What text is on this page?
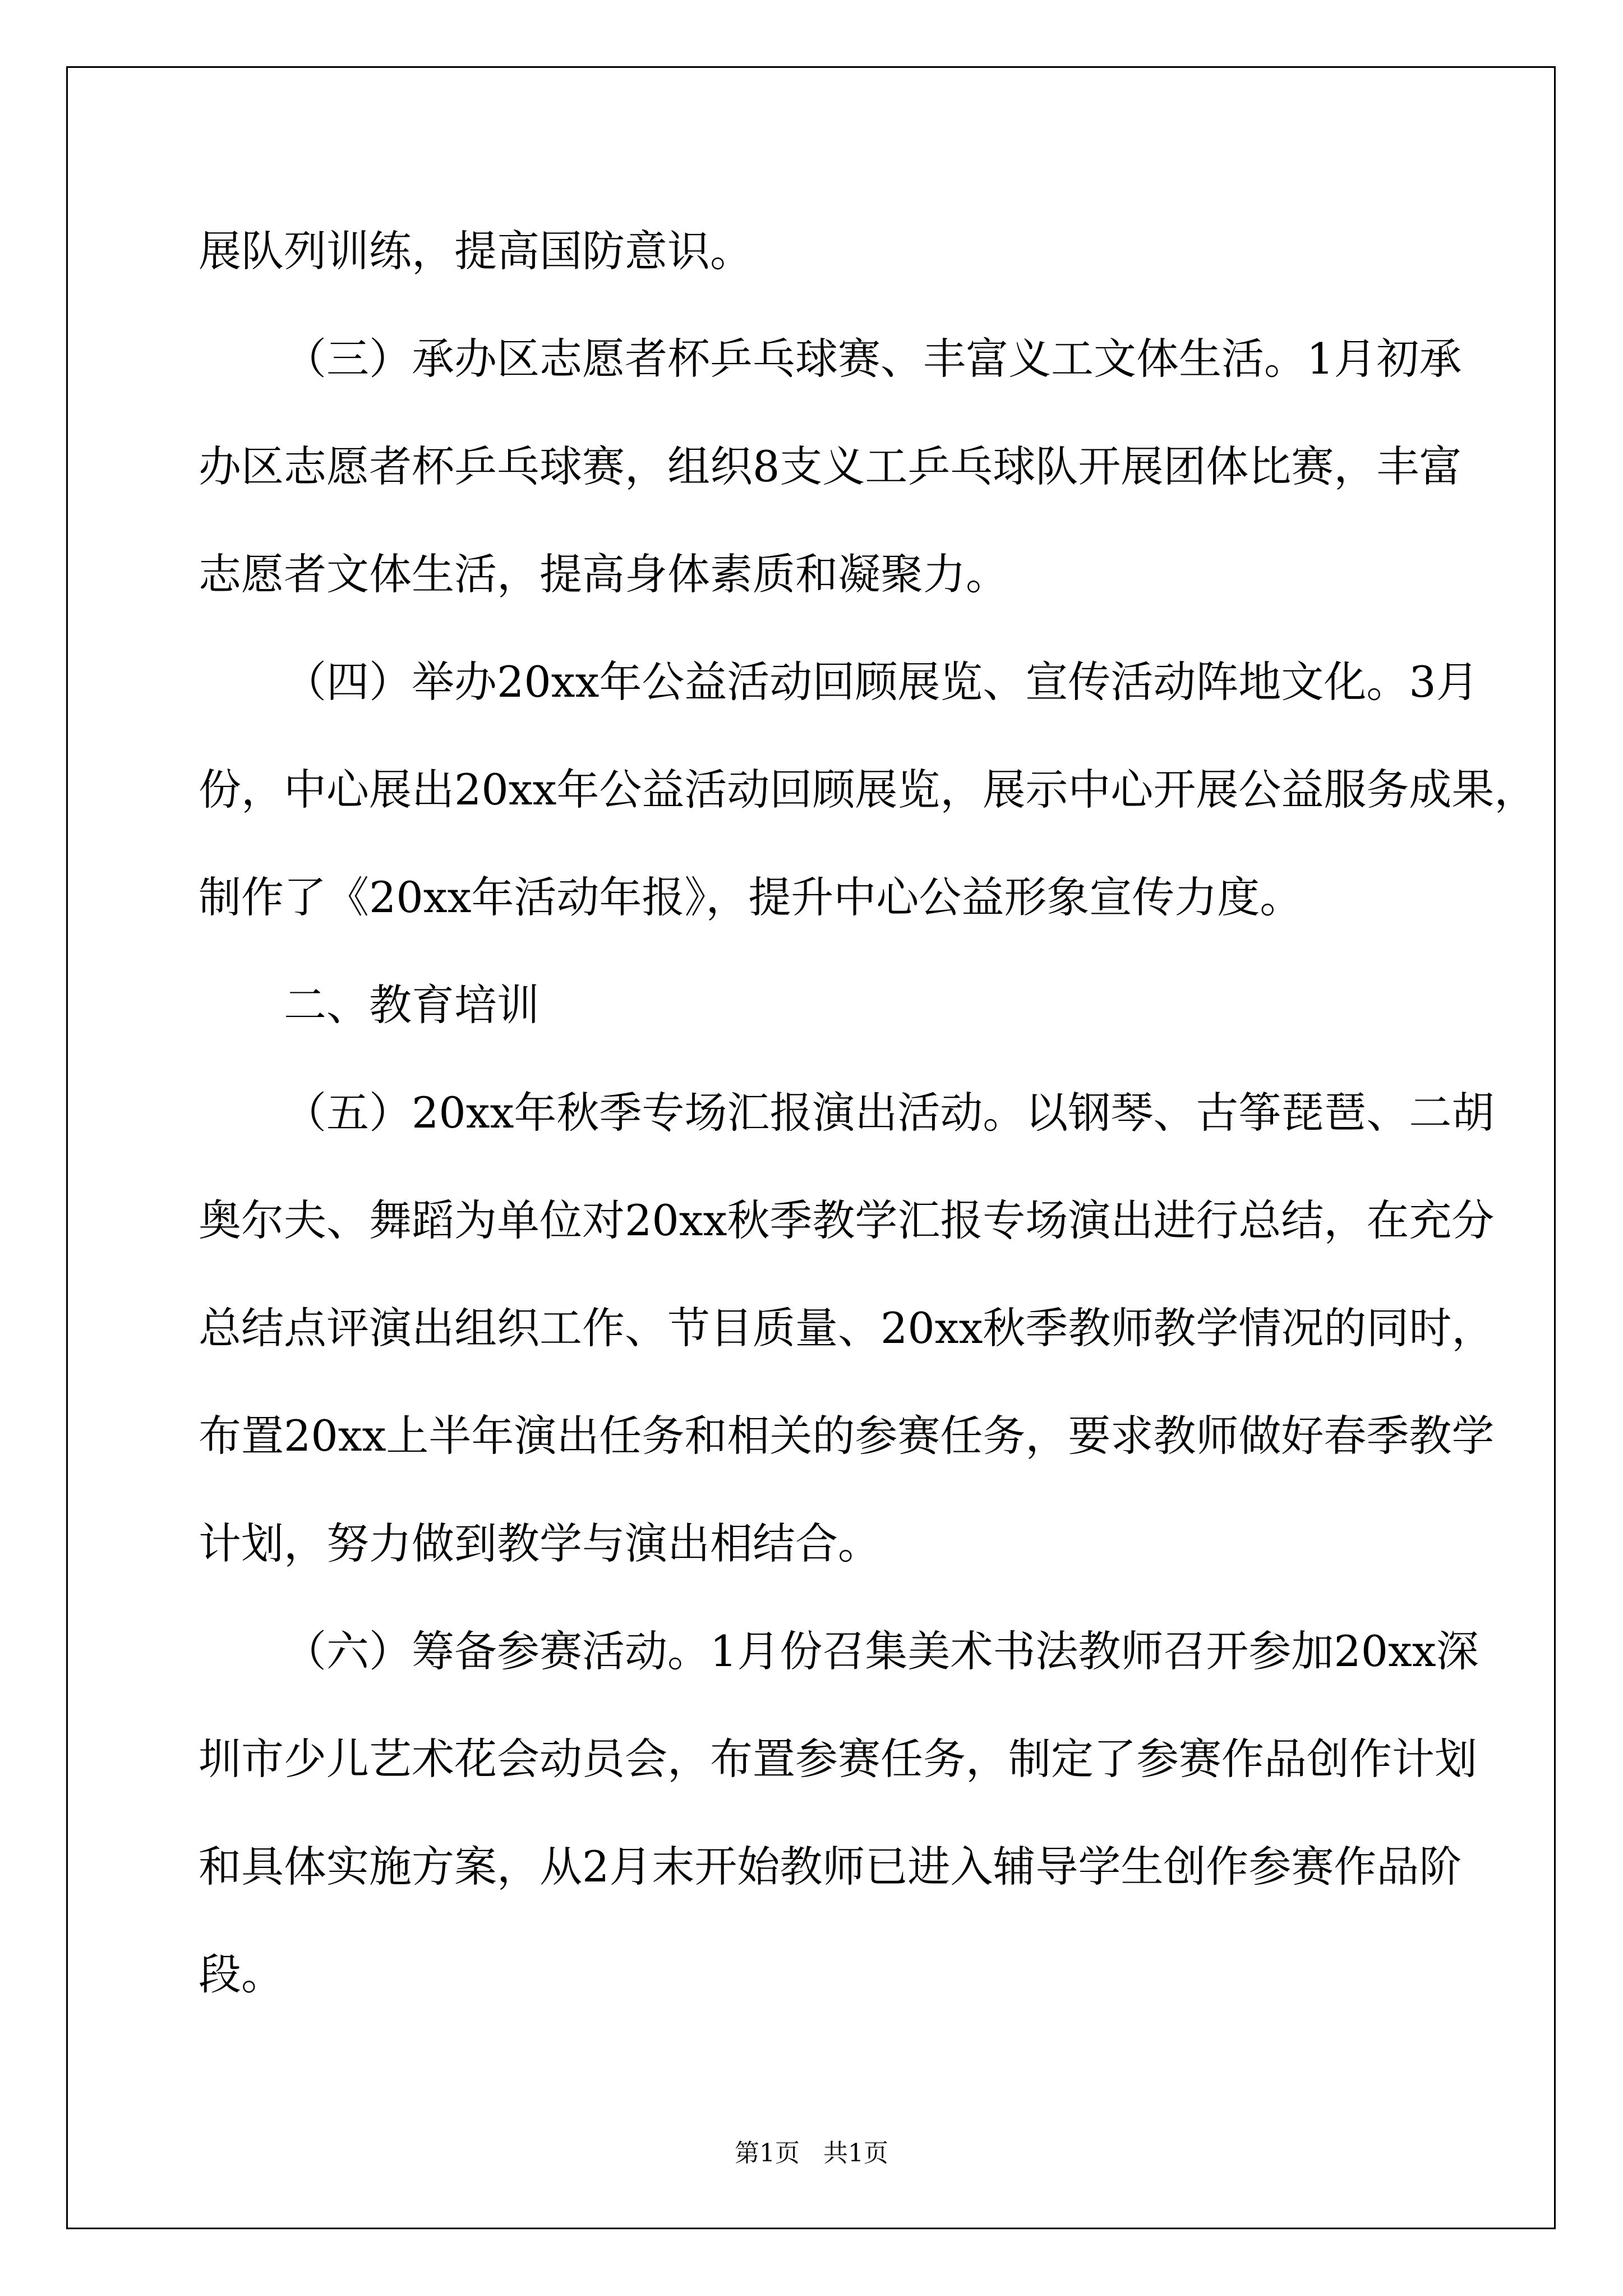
展队列训练，提高国防意识。
（三）承办区志愿者杯乒乓球赛、丰富义工文体生活。1月初承
办区志愿者杯乒乓球赛，组织8支义工乒乓球队开展团体比赛，丰富
志愿者文体生活，提高身体素质和凝聚力。
（四）举办20xx年公益活动回顾展览、宣传活动阵地文化。3月
份，中心展出20xx年公益活动回顾展览，展示中心开展公益服务成果，
制作了《20xx年活动年报》，提升中心公益形象宣传力度。
二、教育培训
（五）20xx年秋季专场汇报演出活动。以钢琴、古筝琵琶、二胡
奥尔夫、舞蹈为单位对20xx秋季教学汇报专场演出进行总结，在充分
总结点评演出组织工作、节目质量、20xx秋季教师教学情况的同时，
布置20xx上半年演出任务和相关的参赛任务，要求教师做好春季教学
计划，努力做到教学与演出相结合。
（六）筹备参赛活动。1月份召集美术书法教师召开参加20xx深
圳市少儿艺术花会动员会，布置参赛任务，制定了参赛作品创作计划
和具体实施方案，从2月末开始教师已进入辅导学生创作参赛作品阶
段。
第1页   共1页
